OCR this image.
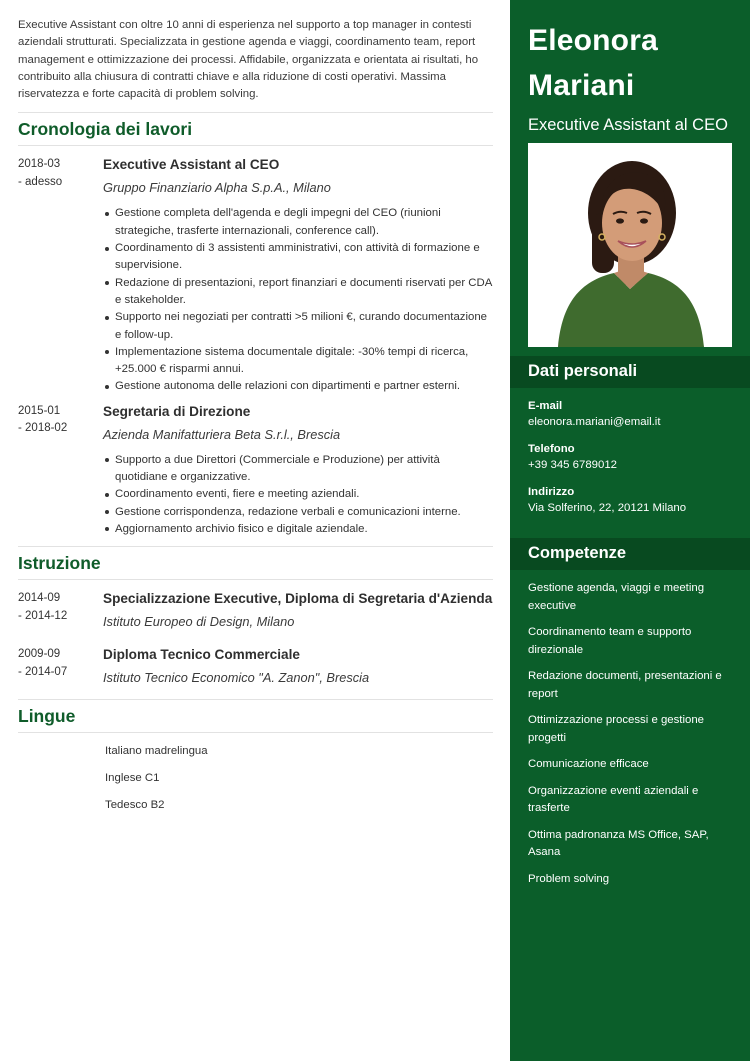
Executive Assistant con oltre 10 anni di esperienza nel supporto a top manager in contesti aziendali strutturati. Specializzata in gestione agenda e viaggi, coordinamento team, report management e ottimizzazione dei processi. Affidabile, organizzata e orientata ai risultati, ho contribuito alla chiusura di contratti chiave e alla riduzione di costi operativi. Massima riservatezza e forte capacità di problem solving.

Cronologia dei lavori
2018-03
- adesso
Executive Assistant al CEO
Gruppo Finanziario Alpha S.p.A., Milano
Gestione completa dell'agenda e degli impegni del CEO (riunioni strategiche, trasferte internazionali, conference call).
Coordinamento di 3 assistenti amministrativi, con attività di formazione e supervisione.
Redazione di presentazioni, report finanziari e documenti riservati per CDA e stakeholder.
Supporto nei negoziati per contratti >5 milioni €, curando documentazione e follow-up.
Implementazione sistema documentale digitale: -30% tempi di ricerca, +25.000 € risparmi annui.
Gestione autonoma delle relazioni con dipartimenti e partner esterni.
2015-01
- 2018-02
Segretaria di Direzione
Azienda Manifatturiera Beta S.r.l., Brescia
Supporto a due Direttori (Commerciale e Produzione) per attività quotidiane e organizzative.
Coordinamento eventi, fiere e meeting aziendali.
Gestione corrispondenza, redazione verbali e comunicazioni interne.
Aggiornamento archivio fisico e digitale aziendale.
Istruzione
2014-09
- 2014-12
Specializzazione Executive, Diploma di Segretaria d'Azienda
Istituto Europeo di Design, Milano
2009-09
- 2014-07
Diploma Tecnico Commerciale
Istituto Tecnico Economico "A. Zanon", Brescia
Lingue
Italiano madrelingua
Inglese C1
Tedesco B2
Eleonora
Mariani
Executive Assistant al CEO
Dati personali
E-mail
eleonora.mariani@email.it
Telefono
+39 345 6789012
Indirizzo
Via Solferino, 22, 20121 Milano
Competenze
Gestione agenda, viaggi e meeting executive
Coordinamento team e supporto direzionale
Redazione documenti, presentazioni e report
Ottimizzazione processi e gestione progetti
Comunicazione efficace
Organizzazione eventi aziendali e trasferte
Ottima padronanza MS Office, SAP, Asana
Problem solving
